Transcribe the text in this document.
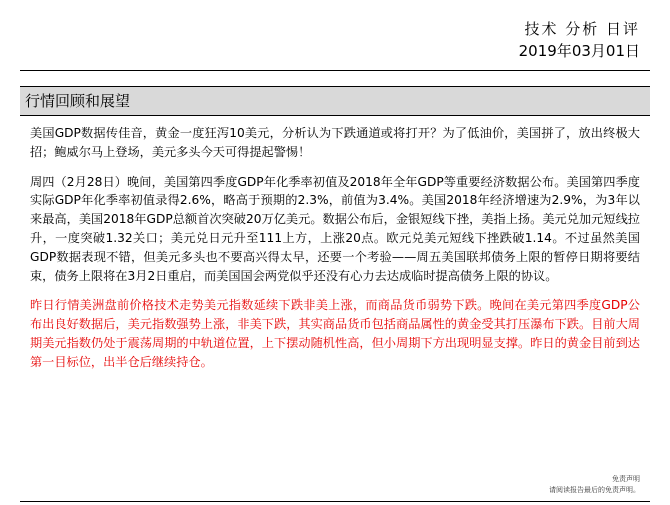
技术 分析 日评
2019年03月01日
行情回顾和展望

美国GDP数据传佳音，黄金一度狂泻10美元，分析认为下跌通道或将打开？为了低油价，美国拼了，放出终极大招；鲍威尔马上登场，美元多头今天可得提起警惕！

周四（2月28日）晚间，美国第四季度GDP年化季率初值及2018年全年GDP等重要经济数据公布。美国第四季度实际GDP年化季率初值录得2.6%，略高于预期的2.3%，前值为3.4%。美国2018年经济增速为2.9%，为3年以来最高，美国2018年GDP总额首次突破20万亿美元。数据公布后，金银短线下挫，美指上扬。美元兑加元短线拉升，一度突破1.32关口；美元兑日元升至111上方，上涨20点。欧元兑美元短线下挫跌破1.14。不过虽然美国GDP数据表现不错，但美元多头也不要高兴得太早，还要一个考验——周五美国联邦债务上限的暂停日期将要结束，债务上限将在3月2日重启，而美国国会两党似乎还没有心力去达成临时提高债务上限的协议。

昨日行情美洲盘前价格技术走势美元指数延续下跌非美上涨，而商品货币弱势下跌。晚间在美元第四季度GDP公布出良好数据后，美元指数强势上涨，非美下跌，其实商品货币包括商品属性的黄金受其打压瀑布下跌。目前大周期美元指数仍处于震荡周期的中轨道位置，上下摆动随机性高，但小周期下方出现明显支撑。昨日的黄金目前到达第一目标位，出半仓后继续持仓。

免责声明
请阅读报告最后的免责声明。
